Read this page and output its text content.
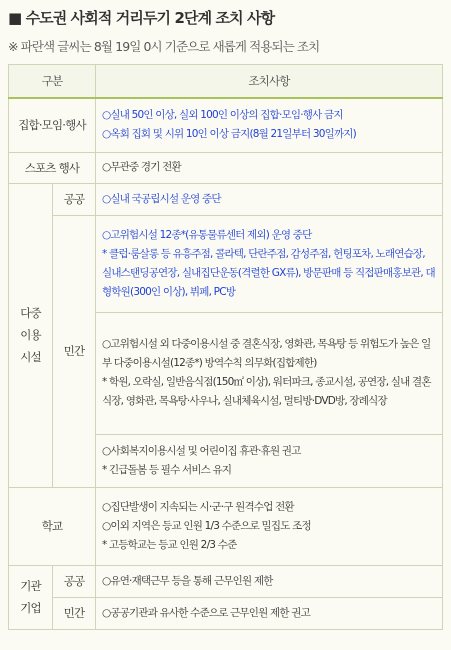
■ 수도권 사회적 거리두기 2단계 조치 사항
※ 파란색 글씨는 8월 19일 0시 기준으로 새롭게 적용되는 조치
구분		조치사항
집합·모임·행사		○실내 50인 이상, 실외 100인 이상의 집합·모임·행사 금지
○옥회 집회 및 시위 10인 이상 금지(8월 21일부터 30일까지)

스포츠 행사		○무관중 경기 전환

다중 이용 시설	공공	○실내 국공립시설 운영 중단

	민간	○고위험시설 12종*(유통물류센터 제외) 운영 중단
* 클럽·룸살롱 등 유흥주점, 콜라텍, 단란주점, 감성주점, 헌팅포차, 노래연습장, 실내스탠딩공연장, 실내집단운동(격렬한 GX류), 방문판매 등 직접판매홍보관, 대형학원(300인 이상), 뷔페, PC방

		○고위험시설 외 다중이용시설 중 결혼식장, 영화관, 목욕탕 등 위험도가 높은 일부 다중이용시설(12종*) 방역수칙 의무화(집합제한)
* 학원, 오락실, 일반음식점(150㎡ 이상), 워터파크, 종교시설, 공연장, 실내 결혼식장, 영화관, 목욕탕·사우나, 실내체육시설, 멀티방·DVD방, 장례식장

		○사회복지이용시설 및 어린이집 휴관·휴원 권고
* 긴급돌봄 등 필수 서비스 유지

학교		○집단발생이 지속되는 시·군·구 원격수업 전환
○이외 지역은 등교 인원 1/3 수준으로 밀집도 조정
* 고등학교는 등교 인원 2/3 수준

기관 기업	공공	○유연·재택근무 등을 통해 근무인원 제한

	민간	○공공기관과 유사한 수준으로 근무인원 제한 권고
